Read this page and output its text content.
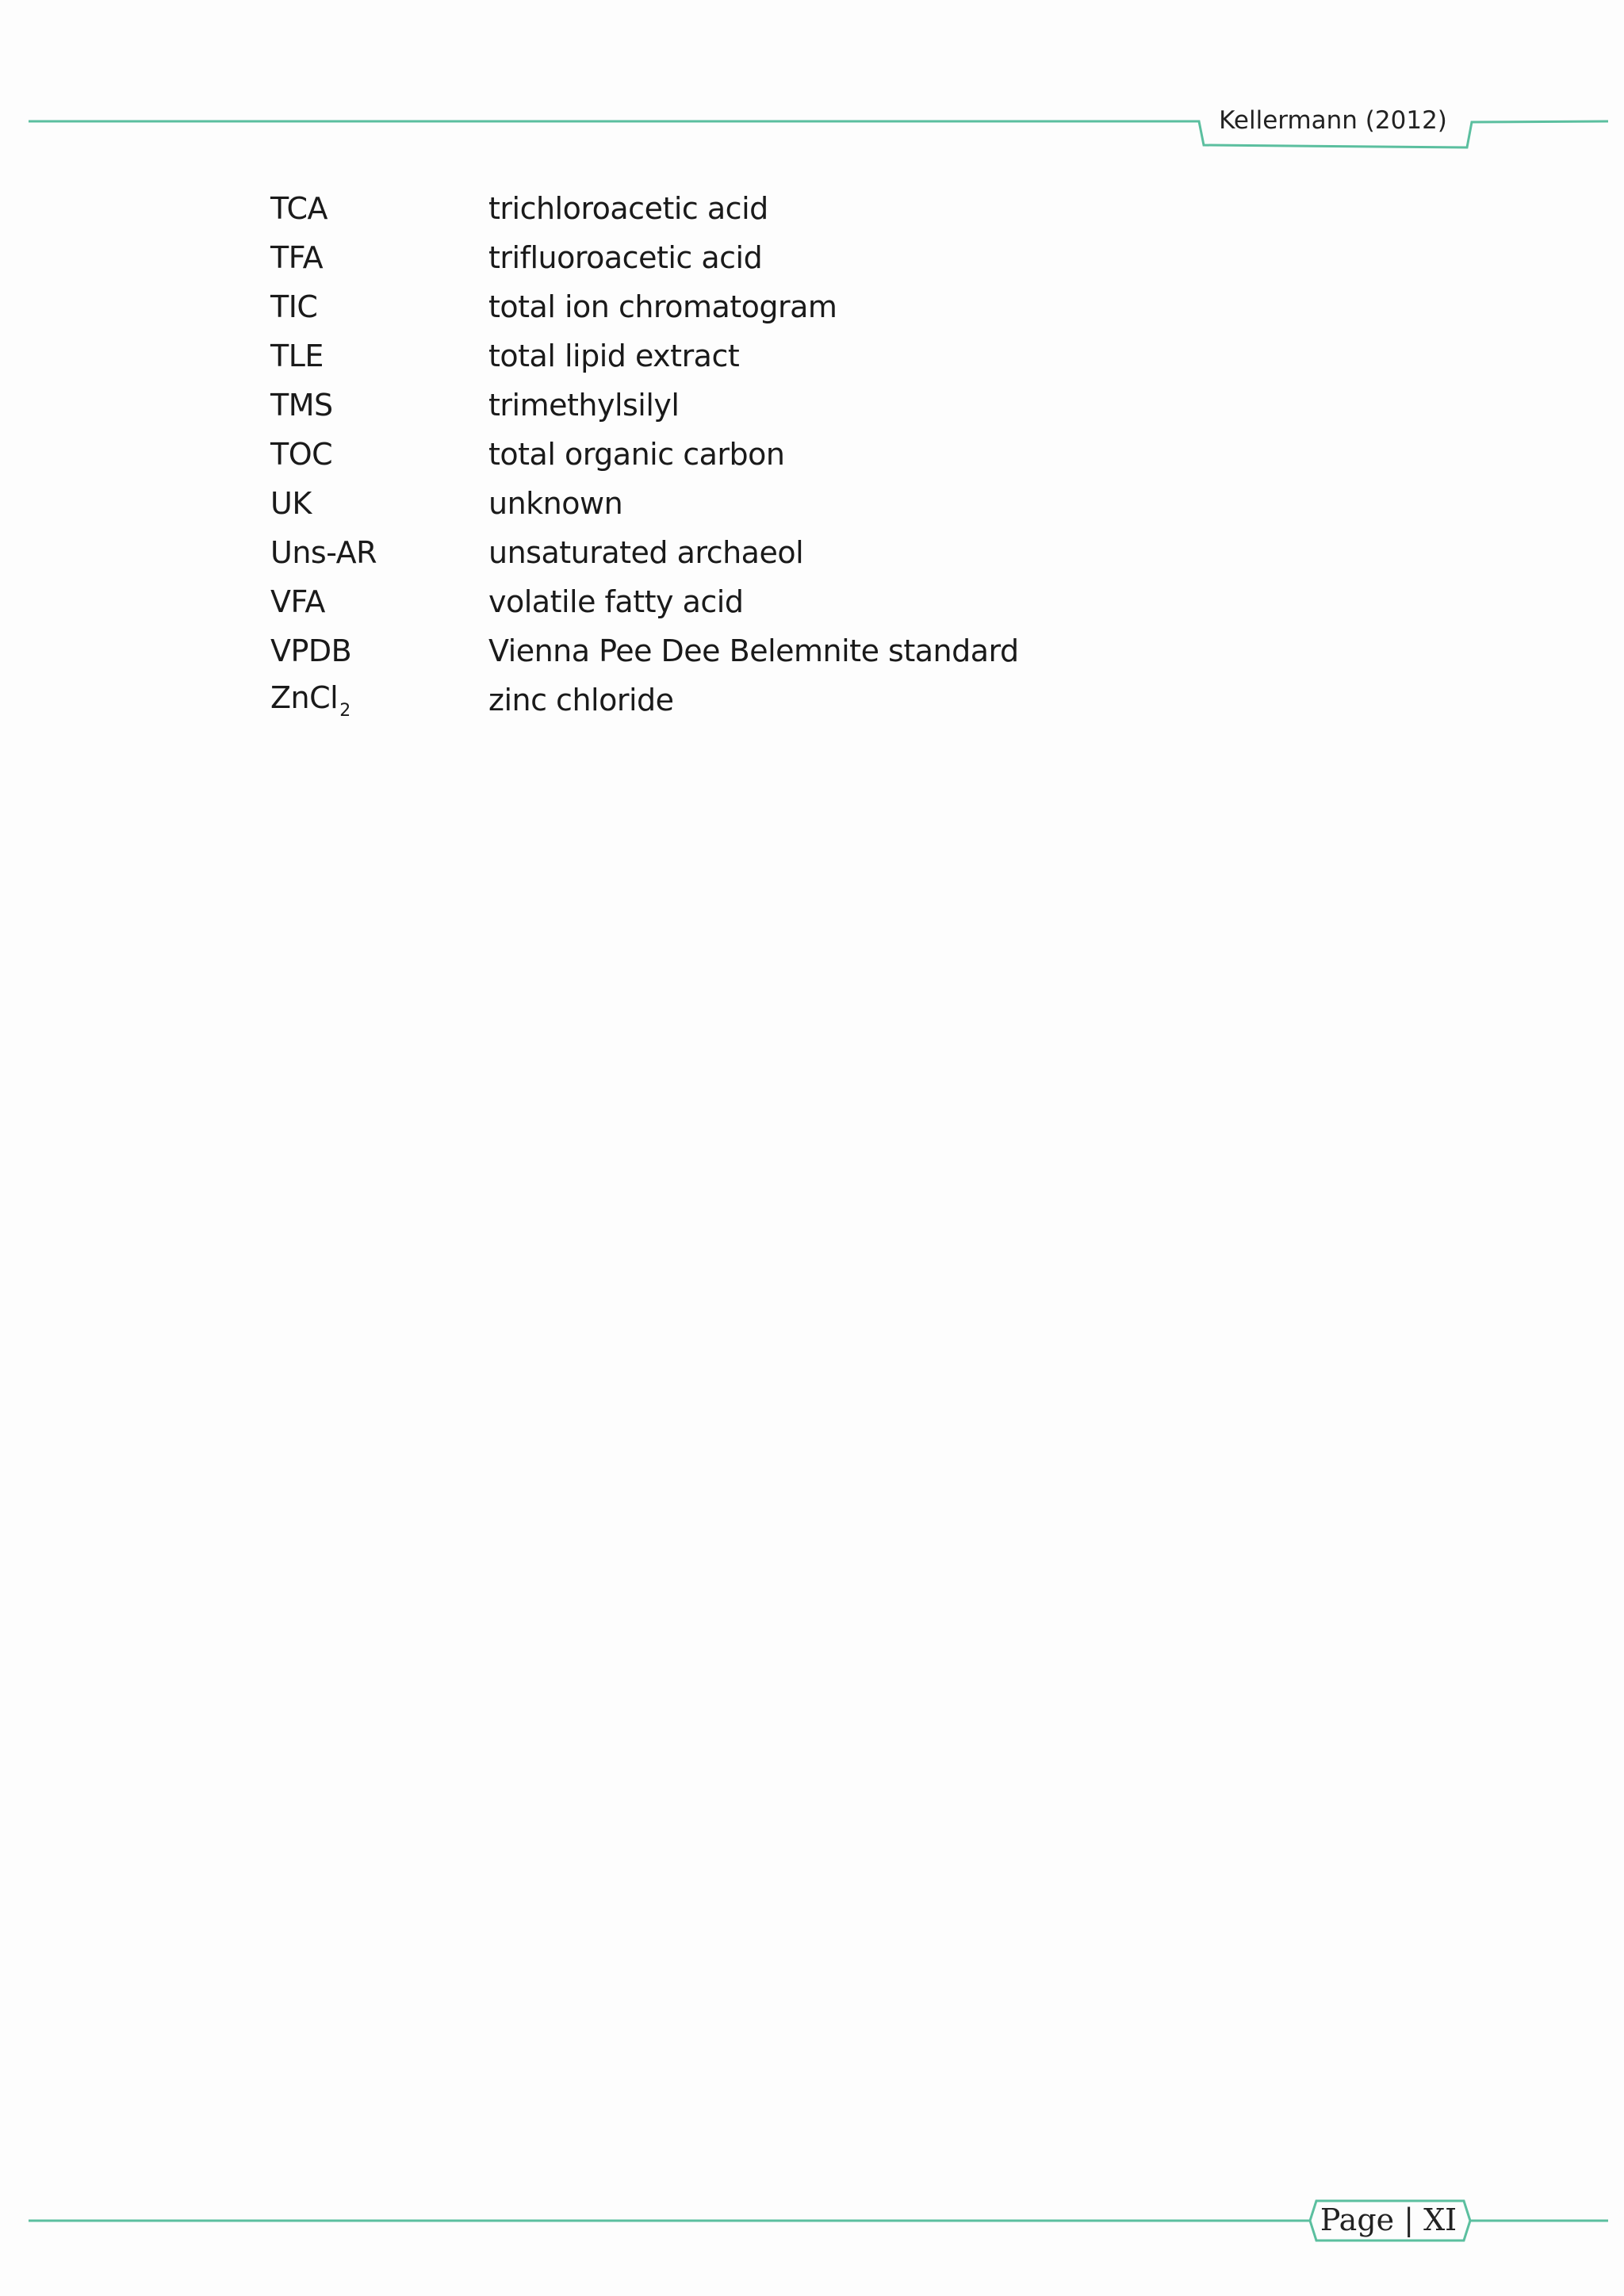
Kellermann (2012)
TCA	trichloroacetic acid
TFA	trifluoroacetic acid
TIC	total ion chromatogram
TLE	total lipid extract
TMS	trimethylsilyl
TOC	total organic carbon
UK	unknown
Uns-AR	unsaturated archaeol
VFA	volatile fatty acid
VPDB	Vienna Pee Dee Belemnite standard
ZnCl$_2$	zinc chloride
Page | XI
